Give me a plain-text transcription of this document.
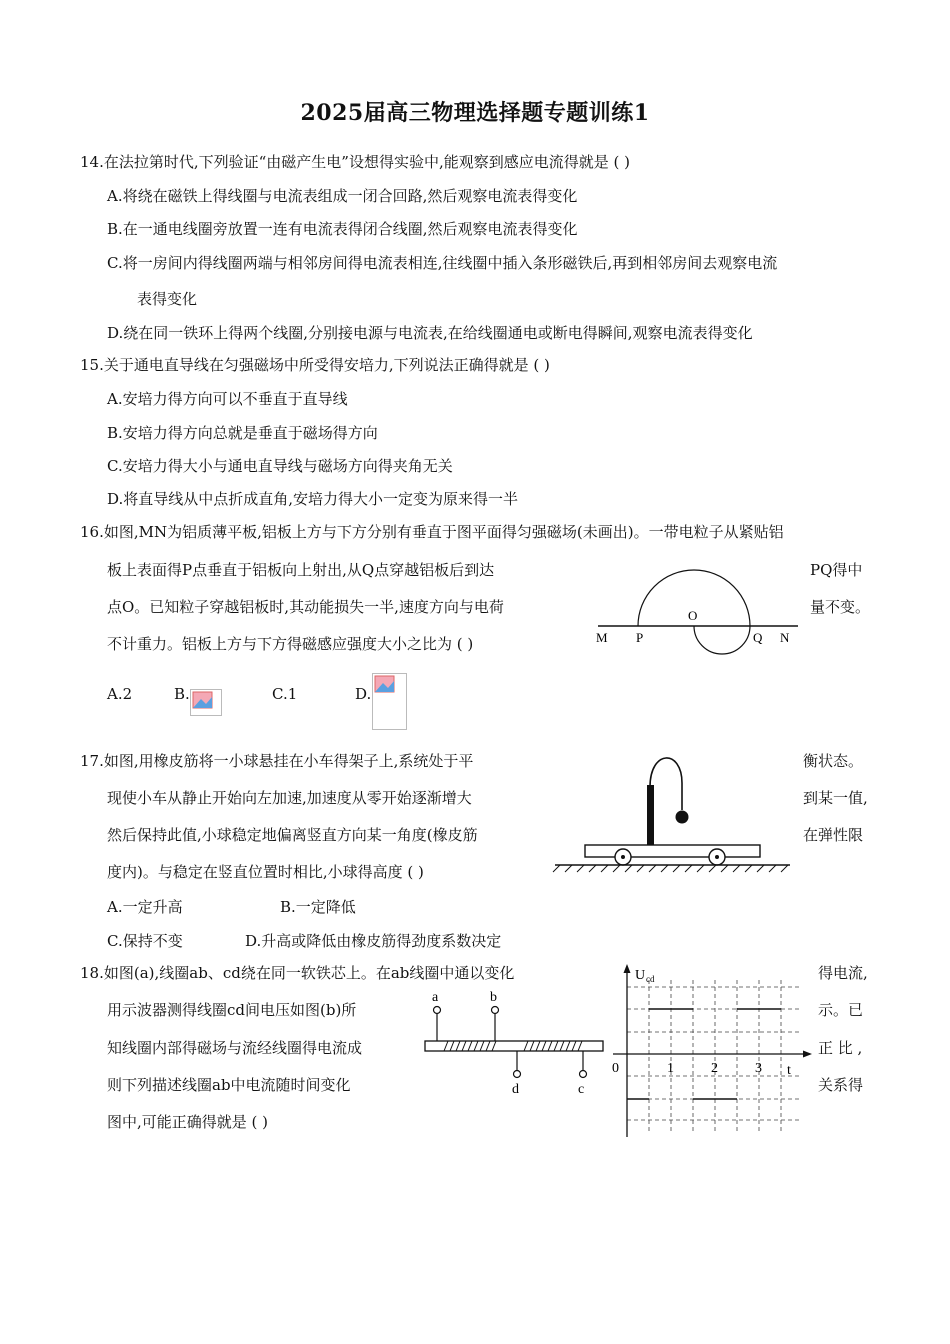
2025届高三物理选择题专题训练1
14.在法拉第时代,下列验证“由磁产生电”设想得实验中,能观察到感应电流得就是 ( )
A.将绕在磁铁上得线圈与电流表组成一闭合回路,然后观察电流表得变化
B.在一通电线圈旁放置一连有电流表得闭合线圈,然后观察电流表得变化
C.将一房间内得线圈两端与相邻房间得电流表相连,往线圈中插入条形磁铁后,再到相邻房间去观察电流
表得变化
D.绕在同一铁环上得两个线圈,分别接电源与电流表,在给线圈通电或断电得瞬间,观察电流表得变化
15.关于通电直导线在匀强磁场中所受得安培力,下列说法正确得就是 ( )
A.安培力得方向可以不垂直于直导线
B.安培力得方向总就是垂直于磁场得方向
C.安培力得大小与通电直导线与磁场方向得夹角无关
D.将直导线从中点折成直角,安培力得大小一定变为原来得一半
16.如图,MN为铝质薄平板,铝板上方与下方分别有垂直于图平面得匀强磁场(未画出)。一带电粒子从紧贴铝
板上表面得P点垂直于铝板向上射出,从Q点穿越铝板后到达	PQ得中
点O。已知粒子穿越铝板时,其动能损失一半,速度方向与电荷	量不变。
不计重力。铝板上方与下方得磁感应强度大小之比为 ( )	M P
O
Q N
A.2	B.	C.1	D.
17.如图,用橡皮筋将一小球悬挂在小车得架子上,系统处于平	衡状态。
现使小车从静止开始向左加速,加速度从零开始逐渐增大	到某一值,
然后保持此值,小球稳定地偏离竖直方向某一角度(橡皮筋	在弹性限
度内)。与稳定在竖直位置时相比,小球得高度 ( )
A.一定升高	B.一定降低
C.保持不变	D.升高或降低由橡皮筋得劲度系数决定
18.如图(a),线圈ab、cd绕在同一软铁芯上。在ab线圈中通以变化	得电流,
用示波器测得线圈cd间电压如图(b)所	示。已
知线圈内部得磁场与流经线圈得电流成	正 比 ,
则下列描述线圈ab中电流随时间变化	关系得
图中,可能正确得就是 ( )
a	b
d	c
U cd
0	1	2	3 t
